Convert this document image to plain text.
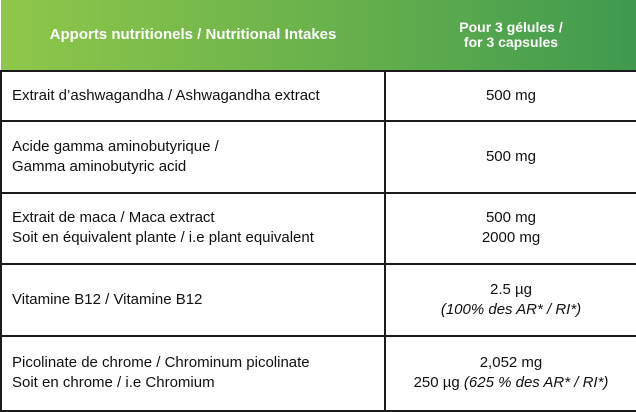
Apports nutritionels / Nutritional Intakes	Pour 3 gélules /
for 3 capsules

Extrait d’ashwagandha / Ashwagandha extract	500 mg

Acide gamma aminobutyrique /
Gamma aminobutyric acid	500 mg

Extrait de maca / Maca extract
Soit en équivalent plante / i.e plant equivalent	500 mg
2000 mg

Vitamine B12 / Vitamine B12	2.5 µg
(100% des AR* / RI*)

Picolinate de chrome / Chrominum picolinate
Soit en chrome / i.e Chromium	2,052 mg
250 µg (625 % des AR* / RI*)
